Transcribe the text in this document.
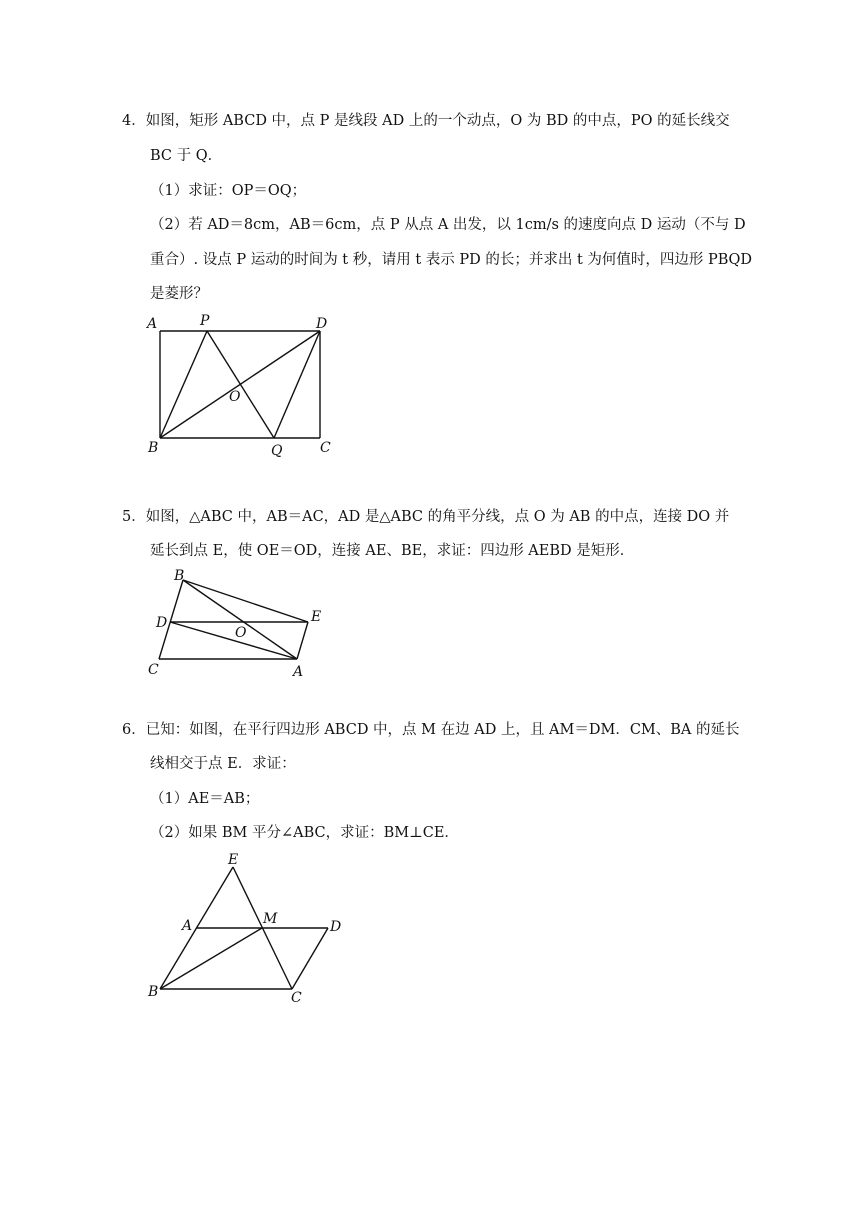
4．如图，矩形 ABCD 中，点 P 是线段 AD 上的一个动点，O 为 BD 的中点，PO 的延长线交
BC 于 Q．
（1）求证：OP＝OQ；
（2）若 AD＝8cm，AB＝6cm，点 P 从点 A 出发，以 1cm/s 的速度向点 D 运动（不与 D
重合）. 设点 P 运动的时间为 t 秒，请用 t 表示 PD 的长；并求出 t 为何值时，四边形 PBQD
是菱形？
A	P	D
O
B	Q	C
5．如图，△ABC 中，AB＝AC，AD 是△ABC 的角平分线，点 O 为 AB 的中点，连接 DO 并
延长到点 E，使 OE＝OD，连接 AE、BE，求证：四边形 AEBD 是矩形．
B
E
D
O
C	A
6．已知：如图，在平行四边形 ABCD 中，点 M 在边 AD 上，且 AM＝DM．CM、BA 的延长
线相交于点 E．求证：
（1）AE＝AB；
（2）如果 BM 平分∠ABC，求证：BM⊥CE．
E
A	M	D
B	C
